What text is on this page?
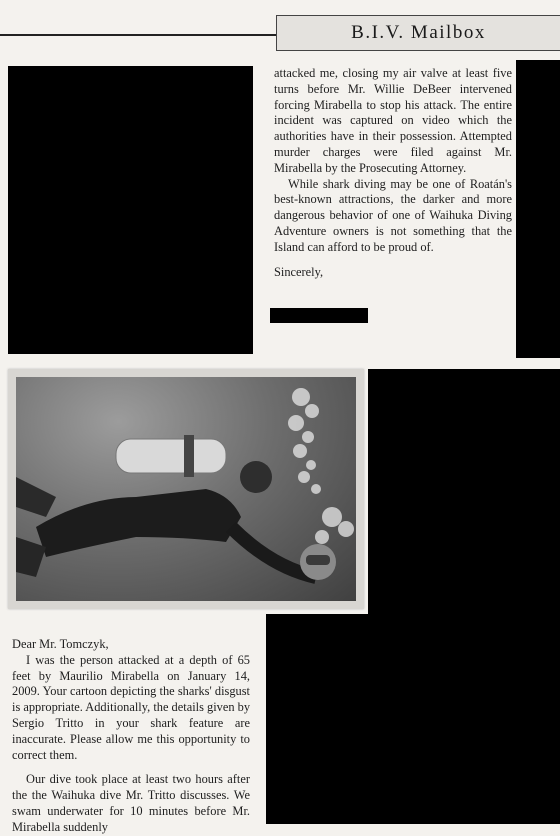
B.I.V. Mailbox

attacked me, closing my air valve at least five turns before Mr. Willie DeBeer intervened forcing Mirabella to stop his attack. The entire incident was captured on video which the authorities have in their possession. Attempted murder charges were filed against Mr. Mirabella by the Prosecuting Attorney.

While shark diving may be one of Roatán's best-known attractions, the darker and more dangerous behavior of one of Waihuka Diving Adventure owners is not something that the Island can afford to be proud of.

Sincerely,

Dear Mr. Tomczyk,

I was the person attacked at a depth of 65 feet by Maurilio Mirabella on January 14, 2009. Your cartoon depicting the sharks' disgust is appropriate. Additionally, the details given by Sergio Tritto in your shark feature are inaccurate. Please allow me this opportunity to correct them.

Our dive took place at least two hours after the the Waihuka dive Mr. Tritto discusses. We swam underwater for 10 minutes before Mr. Mirabella suddenly
